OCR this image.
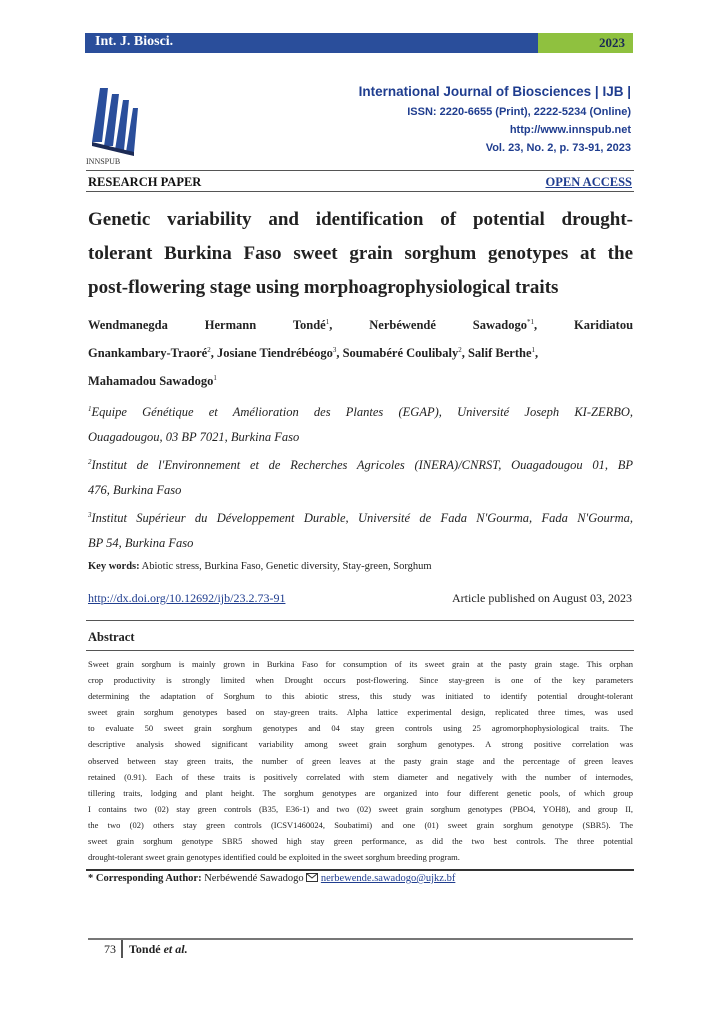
Int. J. Biosci.	2023
INNSPUB
International Journal of Biosciences | IJB |
ISSN: 2220-6655 (Print), 2222-5234 (Online)
http://www.innspub.net
Vol. 23, No. 2, p. 73-91, 2023
RESEARCH PAPER	OPEN ACCESS
Genetic variability and identification of potential drought-
tolerant Burkina Faso sweet grain sorghum genotypes at the
post-flowering stage using morphoagrophysiological traits
Wendmanegda	Hermann	Tondé$^1$,	Nerbéwendé	Sawadogo$^{*1}$,	Karidiatou
Gnankambary-Traoré$^2$, Josiane Tiendrébéogo$^3$, Soumabéré Coulibaly$^2$, Salif Berthe$^1$,
Mahamadou Sawadogo$^1$
$^1$Equipe Génétique et Amélioration des Plantes (EGAP), Université Joseph KI-ZERBO,
Ouagadougou, 03 BP 7021, Burkina Faso
$^2$Institut de l'Environnement et de Recherches Agricoles (INERA)/CNRST, Ouagadougou 01, BP
476, Burkina Faso
$^3$Institut Supérieur du Développement Durable, Université de Fada N'Gourma, Fada N'Gourma,
BP 54, Burkina Faso
Key words: Abiotic stress, Burkina Faso, Genetic diversity, Stay-green, Sorghum
http://dx.doi.org/10.12692/ijb/23.2.73-91	Article published on August 03, 2023
Abstract
Sweet grain sorghum is mainly grown in Burkina Faso for consumption of its sweet grain at the pasty grain stage. This orphan
crop productivity is strongly limited when Drought occurs post-flowering. Since stay-green is one of the key parameters
determining the adaptation of Sorghum to this abiotic stress, this study was initiated to identify potential drought-tolerant
sweet grain sorghum genotypes based on stay-green traits. Alpha lattice experimental design, replicated three times, was used
to evaluate 50 sweet grain sorghum genotypes and 04 stay green controls using 25 agromorphophysiological traits. The
descriptive analysis showed significant variability among sweet grain sorghum genotypes. A strong positive correlation was
observed between stay green traits, the number of green leaves at the pasty grain stage and the percentage of green leaves
retained (0.91). Each of these traits is positively correlated with stem diameter and negatively with the number of internodes,
tillering traits, lodging and plant height. The sorghum genotypes are organized into four different genetic pools, of which group
I contains two (02) stay green controls (B35, E36-1) and two (02) sweet grain sorghum genotypes (PBO4, YOH8), and group II,
the two (02) others stay green controls (ICSV1460024, Soubatimi) and one (01) sweet grain sorghum genotype (SBR5). The
sweet grain sorghum genotype SBR5 showed high stay green performance, as did the two best controls. The three potential
drought-tolerant sweet grain genotypes identified could be exploited in the sweet sorghum breeding program.
* Corresponding Author: Nerbéwendé Sawadogo nerbewende.sawadogo@ujkz.bf
73 Tondé et al.
